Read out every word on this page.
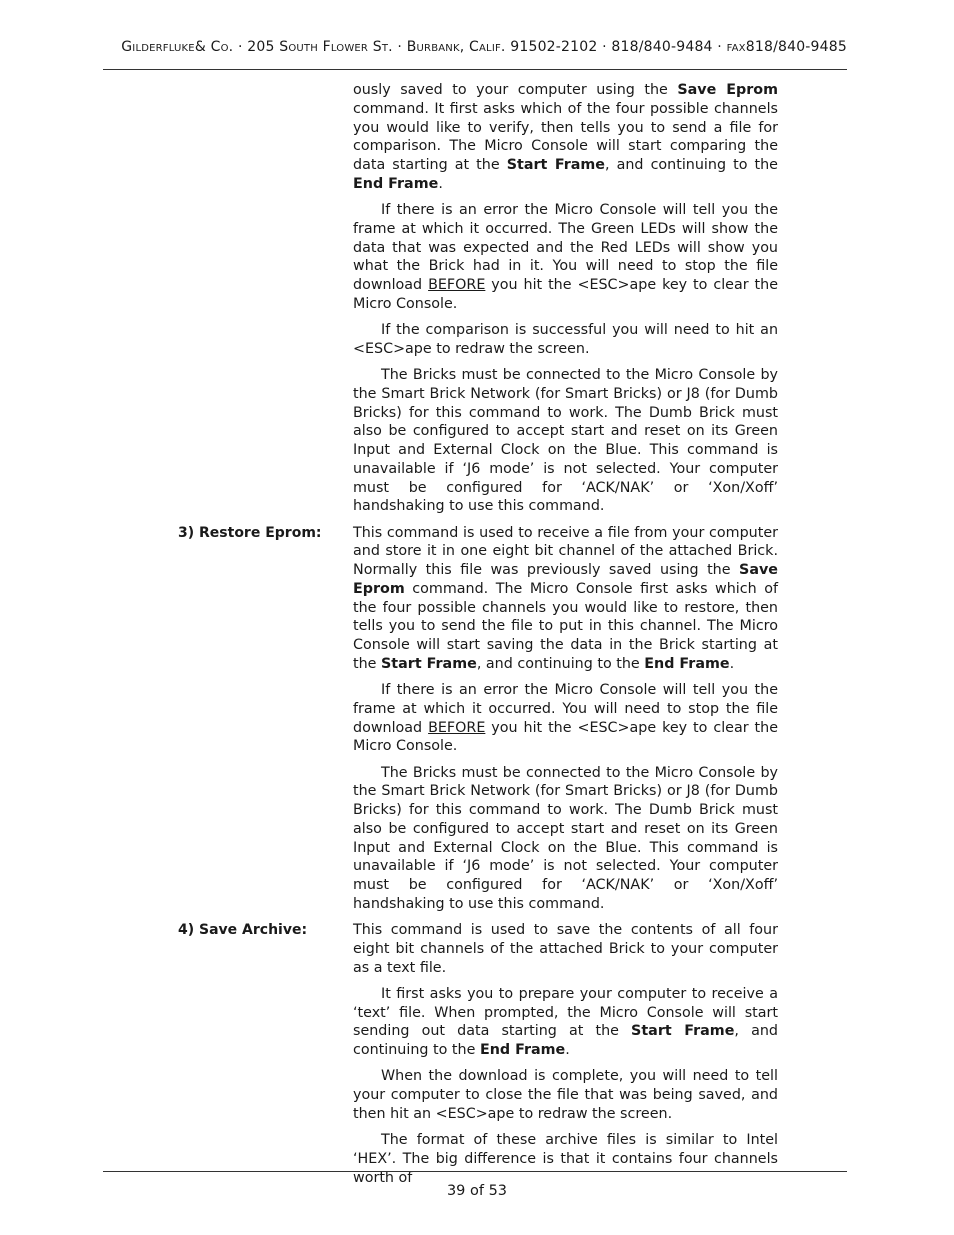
Gilderfluke& Co. · 205 South Flower St. · Burbank, Calif. 91502-2102 · 818/840-9484 · fax818/840-9485
ously saved to your computer using the Save Eprom command. It first asks which of the four possible channels you would like to verify, then tells you to send a file for comparison. The Micro Console will start comparing the data starting at the Start Frame, and continuing to the End Frame.
If there is an error the Micro Console will tell you the frame at which it occurred. The Green LEDs will show the data that was expected and the Red LEDs will show you what the Brick had in it. You will need to stop the file download BEFORE you hit the <ESC>ape key to clear the Micro Console.
If the comparison is successful you will need to hit an <ESC>ape to redraw the screen.
The Bricks must be connected to the Micro Console by the Smart Brick Network (for Smart Bricks) or J8 (for Dumb Bricks) for this command to work. The Dumb Brick must also be configured to accept start and reset on its Green Input and External Clock on the Blue. This command is unavailable if ‘J6 mode’ is not selected. Your computer must be configured for ‘ACK/NAK’ or ‘Xon/Xoff’ handshaking to use this command.
3) Restore Eprom: This command is used to receive a file from your computer and store it in one eight bit channel of the attached Brick. Normally this file was previously saved using the Save Eprom command. The Micro Console first asks which of the four possible channels you would like to restore, then tells you to send the file to put in this channel. The Micro Console will start saving the data in the Brick starting at the Start Frame, and continuing to the End Frame.
If there is an error the Micro Console will tell you the frame at which it occurred. You will need to stop the file download BEFORE you hit the <ESC>ape key to clear the Micro Console.
The Bricks must be connected to the Micro Console by the Smart Brick Network (for Smart Bricks) or J8 (for Dumb Bricks) for this command to work. The Dumb Brick must also be configured to accept start and reset on its Green Input and External Clock on the Blue. This command is unavailable if ‘J6 mode’ is not selected. Your computer must be configured for ‘ACK/NAK’ or ‘Xon/Xoff’ handshaking to use this command.
4) Save Archive:	This command is used to save the contents of all four eight bit channels of the attached Brick to your computer as a text file.
It first asks you to prepare your computer to receive a ‘text’ file. When prompted, the Micro Console will start sending out data starting at the Start Frame, and continuing to the End Frame.
When the download is complete, you will need to tell your computer to close the file that was being saved, and then hit an <ESC>ape to redraw the screen.
The format of these archive files is similar to Intel ‘HEX’. The big difference is that it contains four channels worth of
39 of 53
